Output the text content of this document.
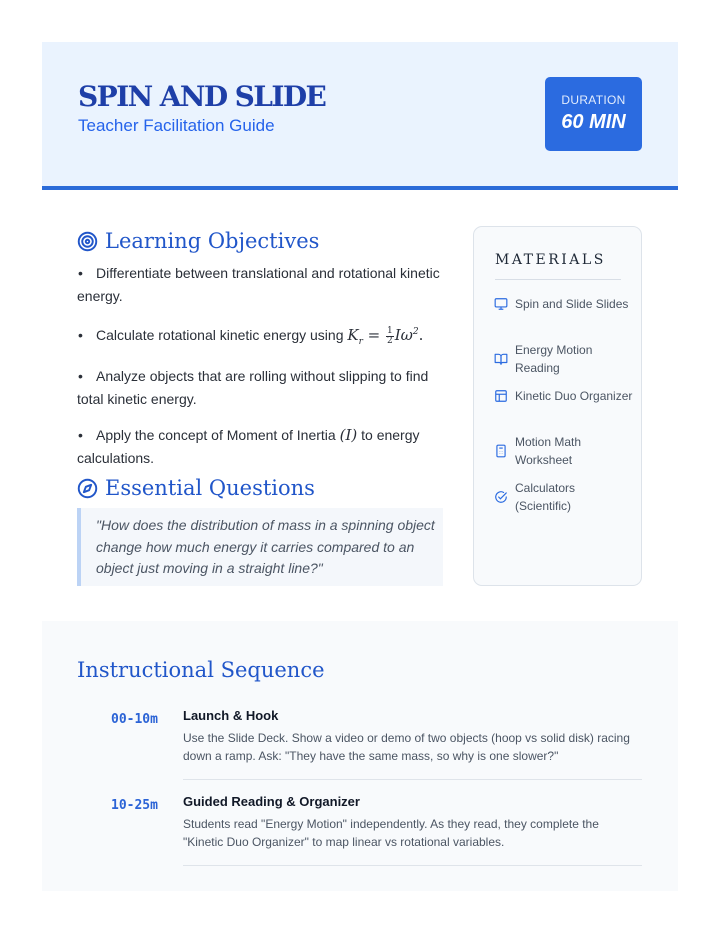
SPIN AND SLIDE
Teacher Facilitation Guide
DURATION
60 MIN
Learning Objectives
• Differentiate between translational and rotational kinetic energy.
• Calculate rotational kinetic energy using $K_r = \frac{1}{2} I\omega^2$.
• Analyze objects that are rolling without slipping to find total kinetic energy.
• Apply the concept of Moment of Inertia (I) to energy calculations.
Essential Questions
"How does the distribution of mass in a spinning object change how much energy it carries compared to an object just moving in a straight line?"
MATERIALS
Spin and Slide Slides
Energy Motion Reading
Kinetic Duo Organizer
Motion Math Worksheet
Calculators (Scientific)
Instructional Sequence
00-10m Launch & Hook
Use the Slide Deck. Show a video or demo of two objects (hoop vs solid disk) racing down a ramp. Ask: "They have the same mass, so why is one slower?"
10-25m Guided Reading & Organizer
Students read "Energy Motion" independently. As they read, they complete the "Kinetic Duo Organizer" to map linear vs rotational variables.
